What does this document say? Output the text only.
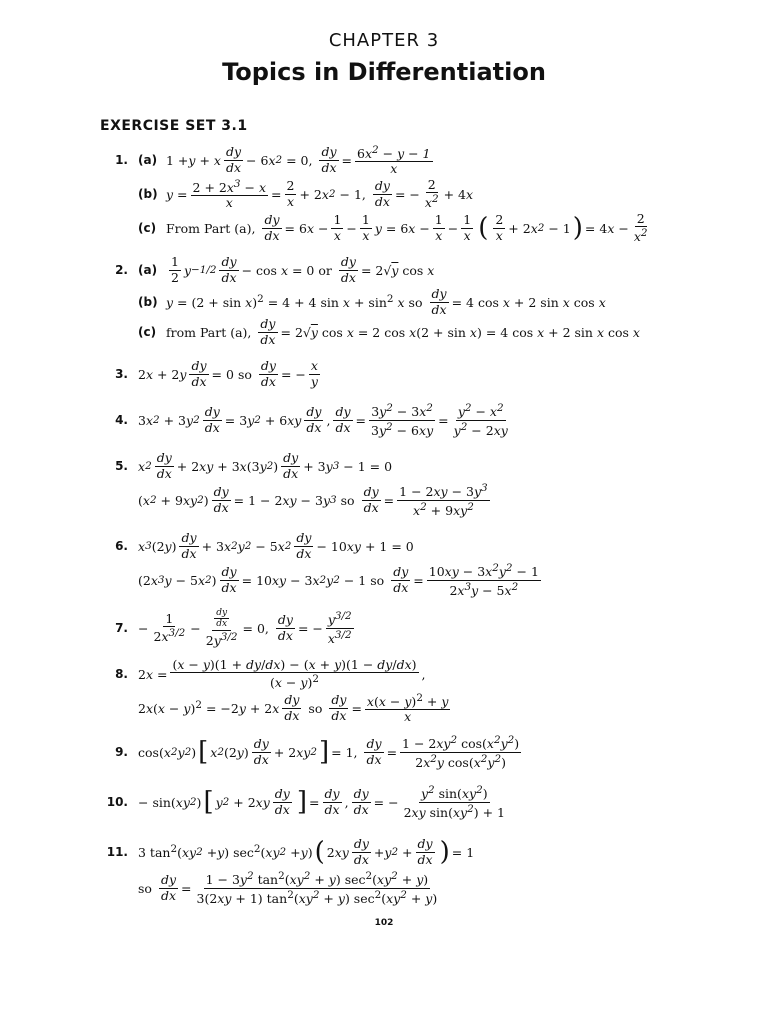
CHAPTER 3
Topics in Differentiation
EXERCISE SET 3.1
1. (a) 1 + y + x $\frac{dy}{dx} - 6$ x 2 = 0, $\frac{dy}{dx} = \frac{6x^2 - y - 1}{x}$
(b) $y = \frac{2 + 2x^3 - x}{x} = \frac{2}{x} + 2$ x 2 − 1, $\frac{dy}{dx}$ = − $\frac{2}{x^2} + 4$ x
(c) From Part (a), $\frac{dy}{dx} = 6$ $x - \frac{1}{x} - \frac{1}{x}$ y = 6 $x - \frac{1}{x} - \frac{1}{x}$ ( $\frac{2}{x} + 2$ x 2 − 1 ) = 4 $x - \frac{2}{x^2}$
2. $(a) \frac{1}{2}$ $y -1/2 \frac{dy}{dx} - \cos x = 0$ or $\frac{dy}{dx} = 2√$ y cos x
(b) y = (2 + sin x )$^2$ = 4 + 4 $\sin x + \sin^2 x$ so $\frac{dy}{dx} = 4$ cos x + 2 sin x cos x
(c) from Part (a), $\frac{dy}{dx} = 2√$ y cos x = 2 cos x (2 + sin x ) = 4 cos x + 2 sin x cos x
3. 2 x + 2 y $\frac{dy}{dx} = 0$ so $\frac{dy}{dx}$ = − $\frac{x}{y}$
4. 3 x 2 + 3 y $2 \frac{dy}{dx} = 3$ y 2 + 6 xy $\frac{dy}{dx}$ , $\frac{dy}{dx} = \frac{3y^2 - 3x^2}{3y^2 - 6xy} = \frac{y^2 - x^2}{y^2 - 2xy}$
5. x $2 \frac{dy}{dx} + 2$ xy + 3 x (3 y 2 ) $\frac{dy}{dx} + 3$ y 3 − 1 = 0
( x 2 + 9 xy 2 ) $\frac{dy}{dx} = 1 - 2$ xy − 3 y 3 so $\frac{dy}{dx} = \frac{1 - 2xy - 3y^3}{x^2 + 9xy^2}$
6. x 3 (2 y ) $\frac{dy}{dx} + 3$ x 2 y 2 − 5 x $2 \frac{dy}{dx} - 10$ xy + 1 = 0
(2 x 3 y − 5 x 2 ) $\frac{dy}{dx} = 10$ xy − 3 x 2 y 2 − 1 so $\frac{dy}{dx} = \frac{10xy - 3x^2y^2 - 1}{2x^3y - 5x^2}$
7. − $\frac{1}{2x^{3/2}} - \frac{\frac{dy}{dx}}{2y^{3/2}} = 0$, $\frac{dy}{dx}$ = − $\frac{y^{3/2}}{x^{3/2}}$
8. 2 $x = \frac{(x - y)(1 + dy/dx) - (x + y)(1 - dy/dx)}{(x - y)^2}$ ,
2 x ( x − y )$^2$ = −2 y + 2 x $\frac{dy}{dx}$ so $\frac{dy}{dx} = \frac{x(x - y)^2 + y}{x}$
9. cos( x 2 y 2 ) [ x 2 (2 y ) $\frac{dy}{dx} + 2$ xy 2 ] = 1, $\frac{dy}{dx} = \frac{1 - 2xy^2 \cos(x^2y^2)}{2x^2y \cos(x^2y^2)}$
10. − sin( xy 2 ) [ y 2 + 2 xy $\frac{dy}{dx}$ ] = $\frac{dy}{dx}$ , $\frac{dy}{dx}$ = − $\frac{y^2 \sin(xy^2)}{2xy \sin(xy^2) + 1}$
11. 3 $\tan^2$( xy 2 + y ) $\sec^2$( xy 2 + y ) ( 2 xy $\frac{dy}{dx} + y$ $2 + \frac{dy}{dx}$ ) = 1
so $\frac{dy}{dx} = \frac{1 - 3y^2 \tan^2(xy^2 + y) \sec^2(xy^2 + y)}{3(2xy + 1) \tan^2(xy^2 + y) \sec^2(xy^2 + y)}$
102
